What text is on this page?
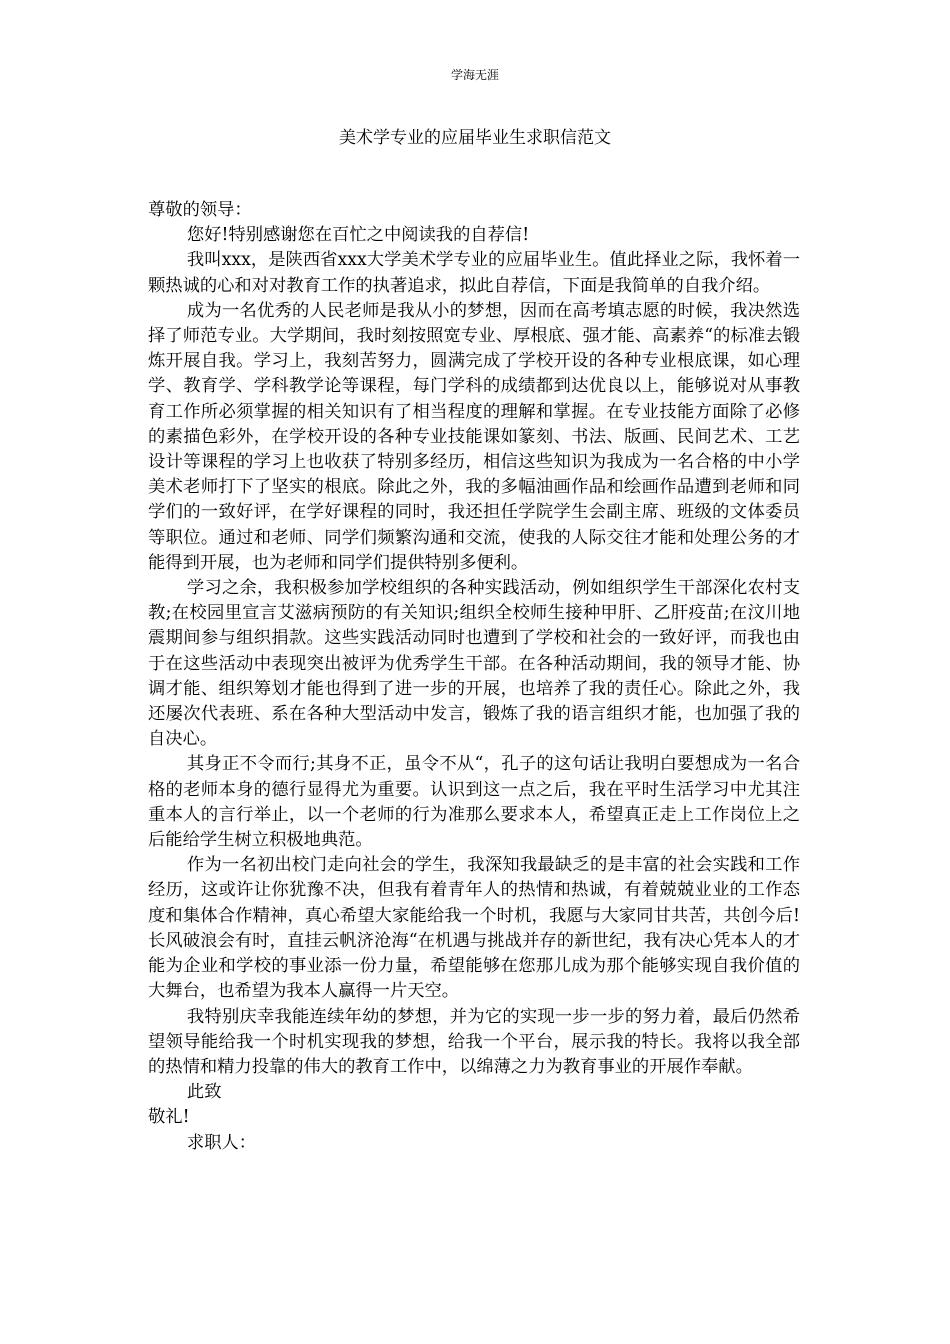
学海无涯
美术学专业的应届毕业生求职信范文

尊敬的领导：

您好!特别感谢您在百忙之中阅读我的自荐信!

我叫xxx，是陕西省xxx大学美术学专业的应届毕业生。值此择业之际，我怀着一颗热诚的心和对对教育工作的执著追求，拟此自荐信，下面是我简单的自我介绍。

成为一名优秀的人民老师是我从小的梦想，因而在高考填志愿的时候，我决然选择了师范专业。大学期间，我时刻按照宽专业、厚根底、强才能、高素养“的标准去锻炼开展自我。学习上，我刻苦努力，圆满完成了学校开设的各种专业根底课，如心理学、教育学、学科教学论等课程，每门学科的成绩都到达优良以上，能够说对从事教育工作所必须掌握的相关知识有了相当程度的理解和掌握。在专业技能方面除了必修的素描色彩外，在学校开设的各种专业技能课如篆刻、书法、版画、民间艺术、工艺设计等课程的学习上也收获了特别多经历，相信这些知识为我成为一名合格的中小学美术老师打下了坚实的根底。除此之外，我的多幅油画作品和绘画作品遭到老师和同学们的一致好评，在学好课程的同时，我还担任学院学生会副主席、班级的文体委员等职位。通过和老师、同学们频繁沟通和交流，使我的人际交往才能和处理公务的才能得到开展，也为老师和同学们提供特别多便利。

学习之余，我积极参加学校组织的各种实践活动，例如组织学生干部深化农村支教;在校园里宣言艾滋病预防的有关知识;组织全校师生接种甲肝、乙肝疫苗;在汶川地震期间参与组织捐款。这些实践活动同时也遭到了学校和社会的一致好评，而我也由于在这些活动中表现突出被评为优秀学生干部。在各种活动期间，我的领导才能、协调才能、组织筹划才能也得到了进一步的开展，也培养了我的责任心。除此之外，我还屡次代表班、系在各种大型活动中发言，锻炼了我的语言组织才能，也加强了我的自决心。

其身正不令而行;其身不正，虽令不从“，孔子的这句话让我明白要想成为一名合格的老师本身的德行显得尤为重要。认识到这一点之后，我在平时生活学习中尤其注重本人的言行举止，以一个老师的行为准那么要求本人，希望真正走上工作岗位上之后能给学生树立积极地典范。

作为一名初出校门走向社会的学生，我深知我最缺乏的是丰富的社会实践和工作经历，这或许让你犹豫不决，但我有着青年人的热情和热诚，有着兢兢业业的工作态度和集体合作精神，真心希望大家能给我一个时机，我愿与大家同甘共苦，共创今后!长风破浪会有时，直挂云帆济沧海“在机遇与挑战并存的新世纪，我有决心凭本人的才能为企业和学校的事业添一份力量，希望能够在您那儿成为那个能够实现自我价值的大舞台，也希望为我本人赢得一片天空。

我特别庆幸我能连续年幼的梦想，并为它的实现一步一步的努力着，最后仍然希望领导能给我一个时机实现我的梦想，给我一个平台，展示我的特长。我将以我全部的热情和精力投靠的伟大的教育工作中，以绵薄之力为教育事业的开展作奉献。

此致

敬礼!

求职人：
